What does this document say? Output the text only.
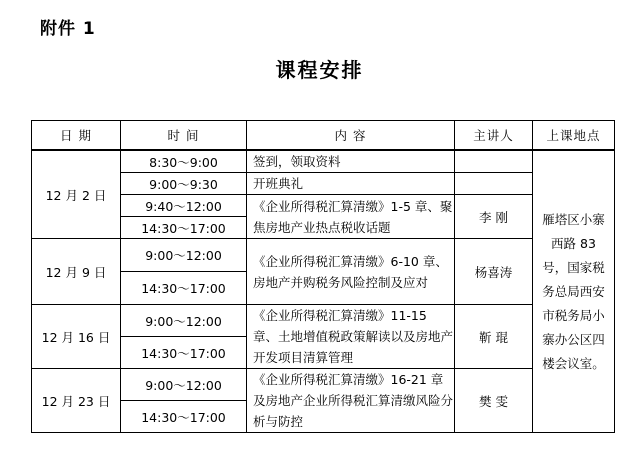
附件 1
课程安排
日 期	时 间	内 容	主讲人	上课地点

12 月 2 日	8:30～9:00	签到，领取资料		雁塔区小寨西路 83 号，国家税务总局西安市税务局小寨办公区四楼会议室。
	9:00～9:30	开班典礼		
	9:40～12:00	《企业所得税汇算清缴》1-5 章、聚焦房地产业热点税收话题	李 刚	
	14:30～17:00			
12 月 9 日	9:00～12:00	《企业所得税汇算清缴》6-10 章、房地产并购税务风险控制及应对	杨喜涛	
	14:30～17:00			
12 月 16 日	9:00～12:00	《企业所得税汇算清缴》11-15 章、土地增值税政策解读以及房地产开发项目清算管理	靳 琨	
	14:30～17:00			
12 月 23 日	9:00～12:00	《企业所得税汇算清缴》16-21 章及房地产企业所得税汇算清缴风险分析与防控	樊 雯	
	14:30～17:00			
